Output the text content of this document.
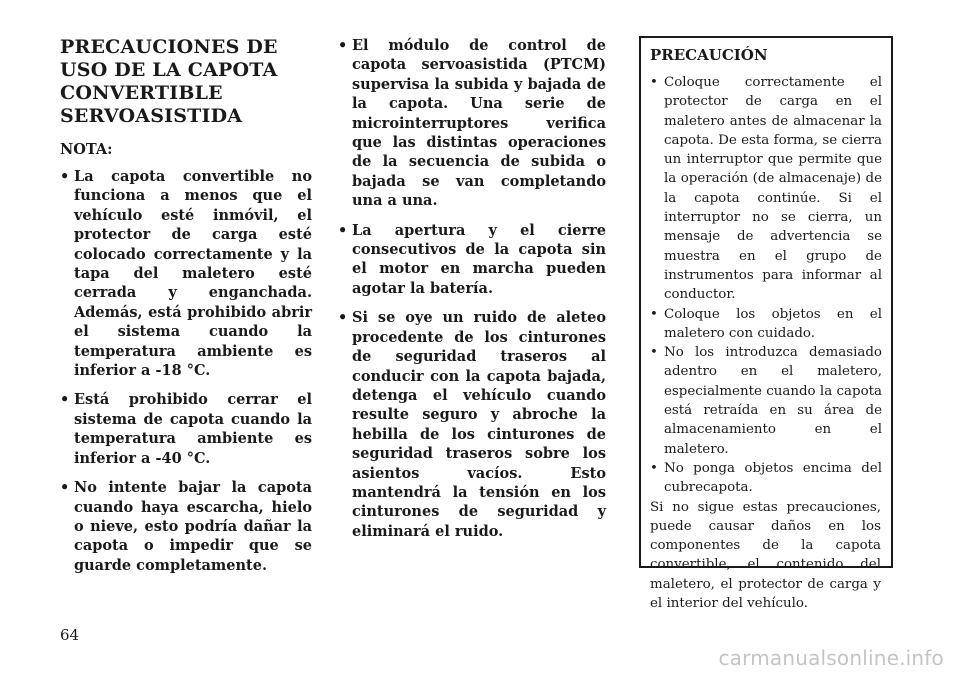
PRECAUCIONES DE USO DE LA CAPOTA CONVERTIBLE SERVOASISTIDA

NOTA:

• La capota convertible no funciona a menos que el vehículo esté inmóvil, el protector de carga esté colocado correctamente y la tapa del maletero esté cerrada y enganchada. Además, está prohibido abrir el sistema cuando la temperatura ambiente es inferior a -18 °C.
• Está prohibido cerrar el sistema de capota cuando la temperatura ambiente es inferior a -40 °C.
• No intente bajar la capota cuando haya escarcha, hielo o nieve, esto podría dañar la capota o impedir que se guarde completamente.
• El módulo de control de capota servoasistida (PTCM) supervisa la subida y bajada de la capota. Una serie de microinterruptores verifica que las distintas operaciones de la secuencia de subida o bajada se van completando una a una.
• La apertura y el cierre consecutivos de la capota sin el motor en marcha pueden agotar la batería.
• Si se oye un ruido de aleteo procedente de los cinturones de seguridad traseros al conducir con la capota bajada, detenga el vehículo cuando resulte seguro y abroche la hebilla de los cinturones de seguridad traseros sobre los asientos vacíos. Esto mantendrá la tensión en los cinturones de seguridad y eliminará el ruido.

PRECAUCIÓN

• Coloque correctamente el protector de carga en el maletero antes de almacenar la capota. De esta forma, se cierra un interruptor que permite que la operación (de almacenaje) de la capota continúe. Si el interruptor no se cierra, un mensaje de advertencia se muestra en el grupo de instrumentos para informar al conductor.
• Coloque los objetos en el maletero con cuidado.
• No los introduzca demasiado adentro en el maletero, especialmente cuando la capota está retraída en su área de almacenamiento en el maletero.
• No ponga objetos encima del cubrecapota.

Si no sigue estas precauciones, puede causar daños en los componentes de la capota convertible, el contenido del maletero, el protector de carga y el interior del vehículo.

64
carmanualsonline.info
